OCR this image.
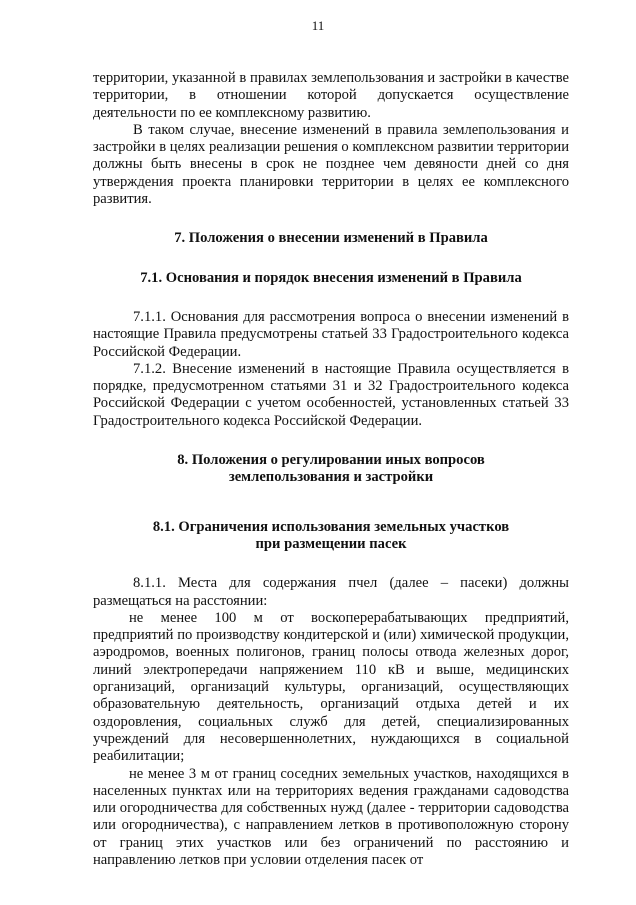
11

территории, указанной в правилах землепользования и застройки в качестве территории, в отношении которой допускается осуществление деятельности по ее комплексному развитию.

В таком случае, внесение изменений в правила землепользования и застройки в целях реализации решения о комплексном развитии территории должны быть внесены в срок не позднее чем девяности дней со дня утверждения проекта планировки территории в целях ее комплексного развития.

7. Положения о внесении изменений в Правила

7.1. Основания и порядок внесения изменений в Правила

7.1.1. Основания для рассмотрения вопроса о внесении изменений в настоящие Правила предусмотрены статьей 33 Градостроительного кодекса Российской Федерации.

7.1.2. Внесение изменений в настоящие Правила осуществляется в порядке, предусмотренном статьями 31 и 32 Градостроительного кодекса Российской Федерации с учетом особенностей, установленных статьей 33 Градостроительного кодекса Российской Федерации.

8. Положения о регулировании иных вопросов

землепользования и застройки

8.1. Ограничения использования земельных участков

при размещении пасек

8.1.1. Места для содержания пчел (далее – пасеки) должны размещаться на расстоянии:

не менее 100 м от воскоперерабатывающих предприятий, предприятий по производству кондитерской и (или) химической продукции, аэродромов, военных полигонов, границ полосы отвода железных дорог, линий электропередачи напряжением 110 кВ и выше, медицинских организаций, организаций культуры, организаций, осуществляющих образовательную деятельность, организаций отдыха детей и их оздоровления, социальных служб для детей, специализированных учреждений для несовершеннолетних, нуждающихся в социальной реабилитации;

не менее 3 м от границ соседних земельных участков, находящихся в населенных пунктах или на территориях ведения гражданами садоводства или огородничества для собственных нужд (далее - территории садоводства или огородничества), с направлением летков в противоположную сторону от границ этих участков или без ограничений по расстоянию и направлению летков при условии отделения пасек от
